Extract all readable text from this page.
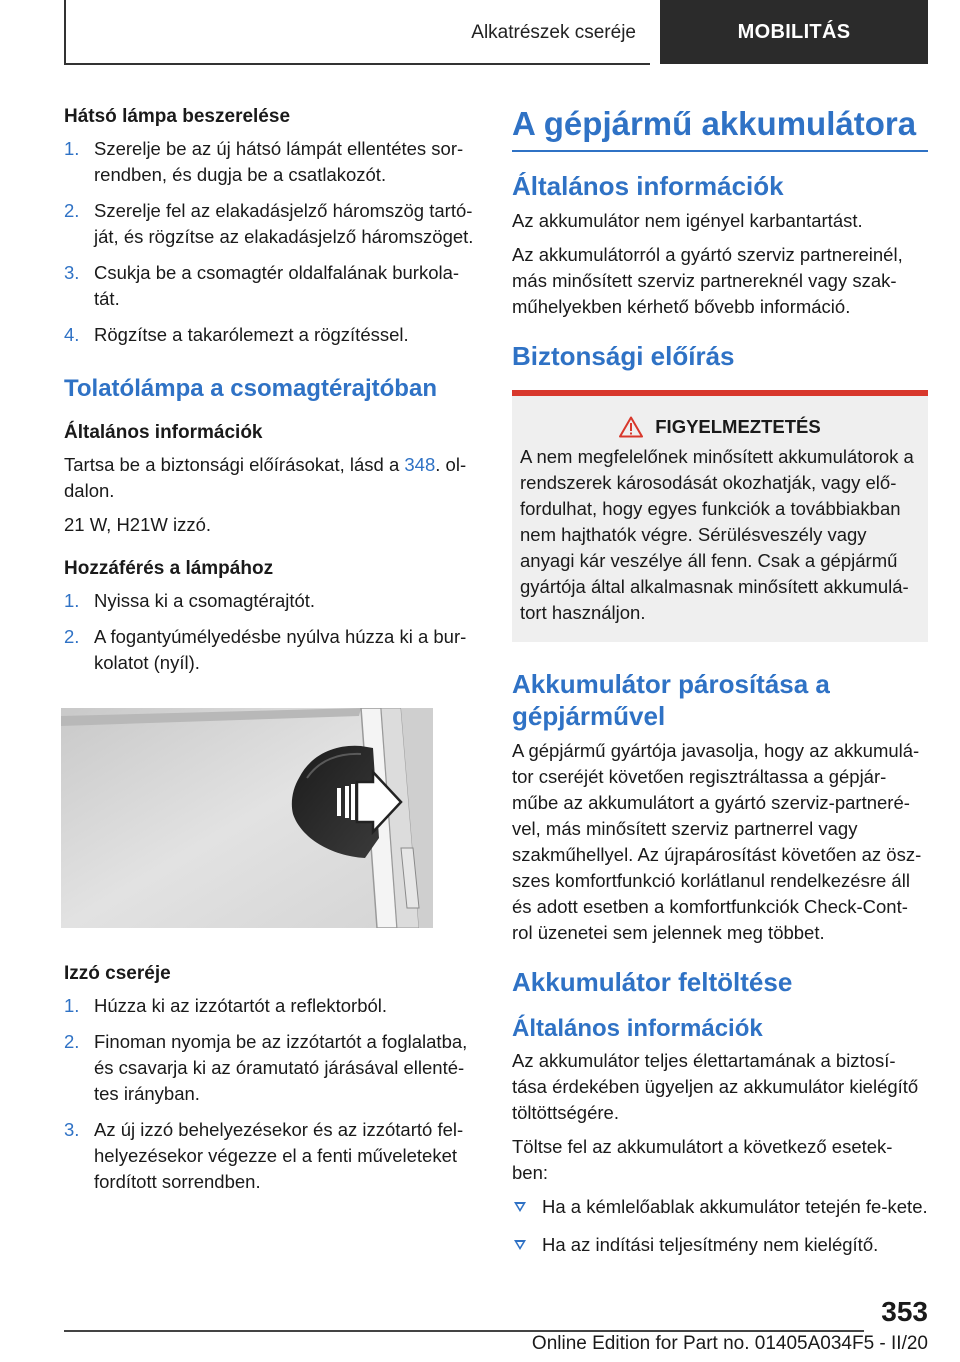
Alkatrészek cseréje	MOBILITÁS
Hátsó lámpa beszerelése
1. Szerelje be az új hátsó lámpát ellentétes sor-rendben, és dugja be a csatlakozót.
2. Szerelje fel az elakadásjelző háromszög tartó-ját, és rögzítse az elakadásjelző háromszöget.
3. Csukja be a csomagtér oldalfalának burkola-tát.
4. Rögzítse a takarólemezt a rögzítéssel.
Tolatólámpa a csomagtérajtóban
Általános információk

Tartsa be a biztonsági előírásokat, lásd a 348. ol-dalon.

21 W, H21W izzó.

Hozzáférés a lámpához
1. Nyissa ki a csomagtérajtót.
2. A fogantyúmélyedésbe nyúlva húzza ki a bur-kolatot (nyíl).
Izzó cseréje
1. Húzza ki az izzótartót a reflektorból.
2. Finoman nyomja be az izzótartót a foglalatba, és csavarja ki az óramutató járásával ellenté-tes irányban.
3. Az új izzó behelyezésekor és az izzótartó fel-helyezésekor végezze el a fenti műveleteket fordított sorrendben.
A gépjármű akkumulátora
Általános információk

Az akkumulátor nem igényel karbantartást.

Az akkumulátorról a gyártó szerviz partnereinél, más minősített szerviz partnereknél vagy szak-műhelyekben kérhető bővebb információ.

Biztonsági előírás
FIGYELMEZTETÉS

A nem megfelelőnek minősített akkumulátorok a rendszerek károsodását okozhatják, vagy elő-fordulhat, hogy egyes funkciók a továbbiakban nem hajthatók végre. Sérülésveszély vagy anyagi kár veszélye áll fenn. Csak a gépjármű gyártója által alkalmasnak minősített akkumulá-tort használjon.

Akkumulátor párosítása a gépjárművel

A gépjármű gyártója javasolja, hogy az akkumulá-tor cseréjét követően regisztráltassa a gépjár-műbe az akkumulátort a gyártó szerviz-partneré-vel, más minősített szerviz partnerrel vagy szakműhellyel. Az újrapárosítást követően az ösz-szes komfortfunkció korlátlanul rendelkezésre áll és adott esetben a komfortfunkciók Check-Cont-rol üzenetei sem jelennek meg többet.

Akkumulátor feltöltése
Általános információk

Az akkumulátor teljes élettartamának a biztosí-tása érdekében ügyeljen az akkumulátor kielégítő töltöttségére.

Töltse fel az akkumulátort a következő esetek-ben:

Ha a kémlelőablak akkumulátor tetején fe-kete.
Ha az indítási teljesítmény nem kielégítő.
353
Online Edition for Part no. 01405A034F5 - II/20
